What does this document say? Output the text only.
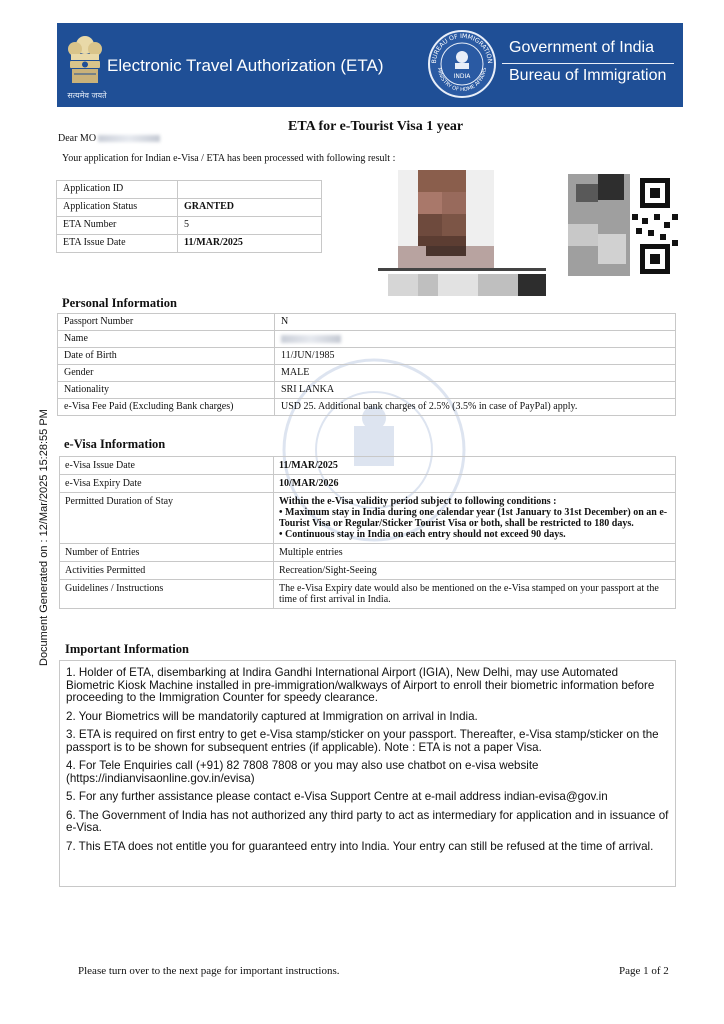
सत्यमेव जयते
Electronic Travel Authorization (ETA)	BUREAU OF IMMIGRATION
MINISTRY OF HOME AFFAIRS
INDIA
Government of India
Bureau of Immigration
ETA for e-Tourist Visa 1 year
Dear MO
Your application for Indian e-Visa / ETA has been processed with following result :
Application ID	
Application Status	GRANTED
ETA Number	5
ETA Issue Date	11/MAR/2025
Personal Information
Passport Number	N
Name	
Date of Birth	11/JUN/1985
Gender	MALE
Nationality	SRI LANKA
e-Visa Fee Paid (Excluding Bank charges)	USD 25. Additional bank charges of 2.5% (3.5% in case of PayPal) apply.
e-Visa Information
e-Visa Issue Date	11/MAR/2025
e-Visa Expiry Date	10/MAR/2026
Permitted Duration of Stay	Within the e-Visa validity period subject to following conditions :
• Maximum stay in India during one calendar year (1st January to 31st December) on an e-Tourist Visa or Regular/Sticker Tourist Visa or both, shall be restricted to 180 days.
• Continuous stay in India on each entry should not exceed 90 days.

Number of Entries	Multiple entries
Activities Permitted	Recreation/Sight-Seeing
Guidelines / Instructions	The e-Visa Expiry date would also be mentioned on the e-Visa stamped on your passport at the time of first arrival in India.
Document Generated on : 12/Mar/2025 15:28:55 PM Important Information
1. Holder of ETA, disembarking at Indira Gandhi International Airport (IGIA), New Delhi, may use Automated Biometric Kiosk Machine installed in pre-immigration/walkways of Airport to enroll their biometric information before proceeding to the Immigration Counter for speedy clearance.
2. Your Biometrics will be mandatorily captured at Immigration on arrival in India.
3. ETA is required on first entry to get e-Visa stamp/sticker on your passport. Thereafter, e-Visa stamp/sticker on the passport is to be shown for subsequent entries (if applicable). Note : ETA is not a paper Visa.
4. For Tele Enquiries call (+91) 82 7808 7808 or you may also use chatbot on e-visa website (https://indianvisaonline.gov.in/evisa)
5. For any further assistance please contact e-Visa Support Centre at e-mail address indian-evisa@gov.in
6. The Government of India has not authorized any third party to act as intermediary for application and in issuance of e-Visa.
7. This ETA does not entitle you for guaranteed entry into India. Your entry can still be refused at the time of arrival.
Please turn over to the next page for important instructions.	Page 1 of 2
